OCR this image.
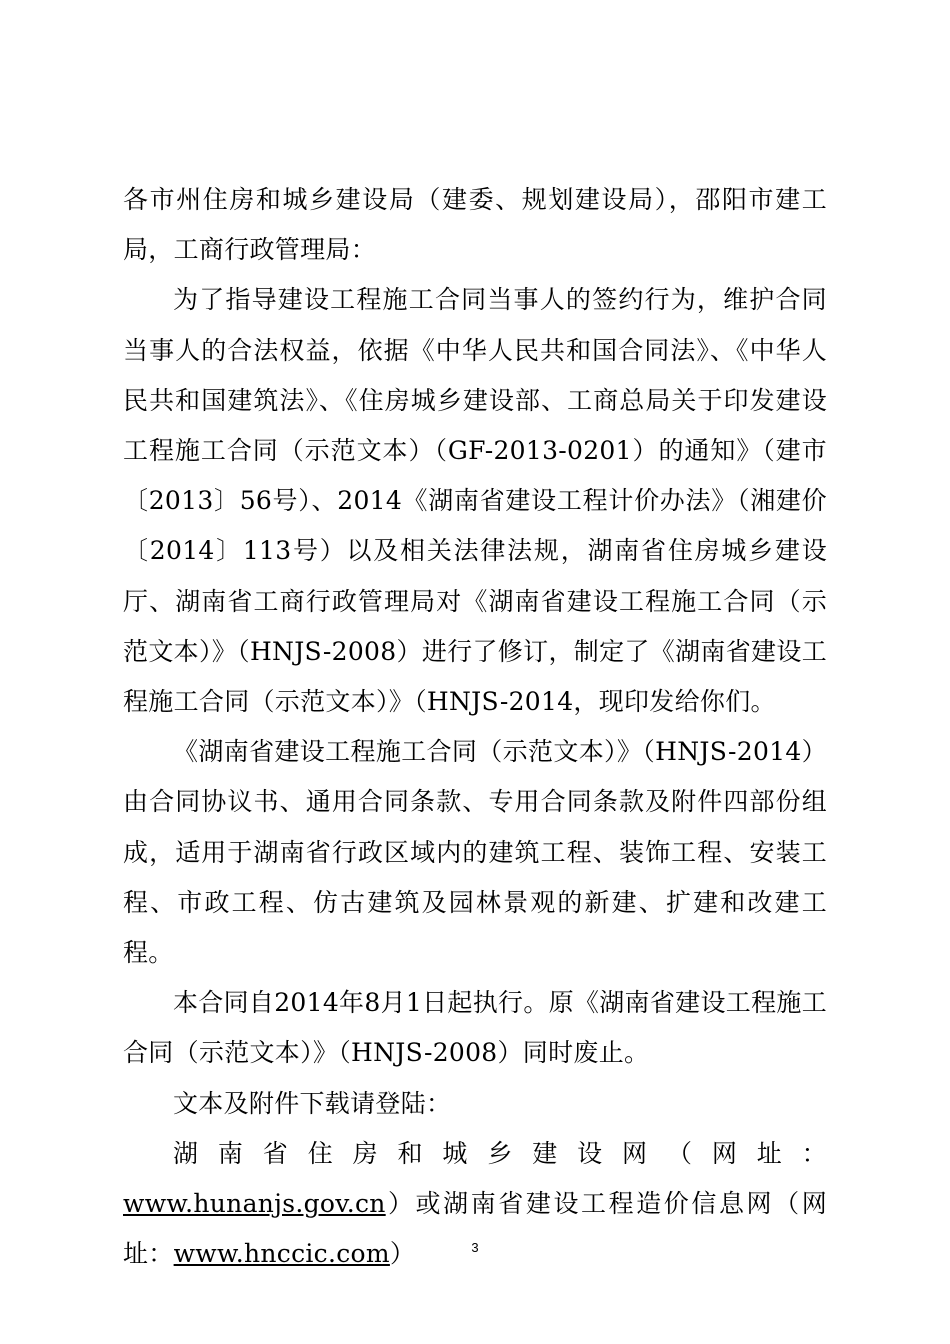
各市州住房和城乡建设局（建委、规划建设局），邵阳市建工局，工商行政管理局：

为了指导建设工程施工合同当事人的签约行为，维护合同当事人的合法权益，依据《中华人民共和国合同法》、《中华人民共和国建筑法》、《住房城乡建设部、工商总局关于印发建设工程施工合同（示范文本）（GF-2013-0201）的通知》（建市〔2013〕56号）、2014《湖南省建设工程计价办法》（湘建价〔2014〕113号）以及相关法律法规，湖南省住房城乡建设厅、湖南省工商行政管理局对《湖南省建设工程施工合同（示范文本）》（HNJS-2008）进行了修订，制定了《湖南省建设工程施工合同（示范文本）》（HNJS-2014，现印发给你们。

《湖南省建设工程施工合同（示范文本）》（HNJS-2014）由合同协议书、通用合同条款、专用合同条款及附件四部份组成，适用于湖南省行政区域内的建筑工程、装饰工程、安装工程、市政工程、仿古建筑及园林景观的新建、扩建和改建工程。

本合同自2014年8月1日起执行。原《湖南省建设工程施工合同（示范文本）》（HNJS-2008）同时废止。

文本及附件下载请登陆：

湖南省住房和城乡建设网（网址：www.hunanjs.gov.cn）或湖南省建设工程造价信息网（网址：www.hnccic.com）	3
